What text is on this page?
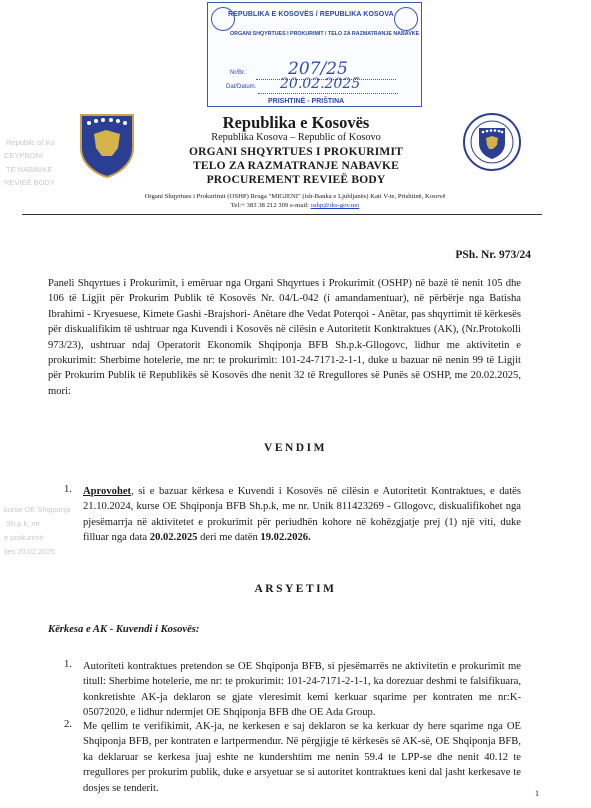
REPUBLIKA E KOSOVËS / REPUBLIKA KOSOVA
ORGANI SHQYRTUES I PROKURIMIT / TELO ZA RAZMATRANJE NABAVKE
Nr/Br.	207/25
Dat/Datum. 20.02.2025
PRISHTINË - PRIŠTINA
Republic of Ko
CEYPRONI
TE NABAVKE
REVIEË BODY
kurse OE Shqiponja
Sh.p.k, ne
e prokurimit
ljes 20.02.2025
Republika e Kosovës
Republika Kosova – Republic of Kosovo
ORGANI SHQYRTUES I PROKURIMIT
TELO ZA RAZMATRANJE NABAVKE
PROCUREMENT REVIEË BODY
Organi Shqyrtues i Prokurimit (OSHP) Rruga "MIGJENI" (ish-Banka e Ljubljanës) Kati V-te, Prishtinë, Kosovë
Tel:+ 383 38 212 309 e-mail: oshp@rks-gov.net
PSh. Nr. 973/24
Paneli Shqyrtues i Prokurimit, i emëruar nga Organi Shqyrtues i Prokurimit (OSHP) në bazë të nenit 105 dhe 106 të Ligjit për Prokurim Publik të Kosovës Nr. 04/L-042 (i amandamentuar), në përbërje nga Batisha Ibrahimi - Kryesuese, Kimete Gashi -Brajshori- Anëtare dhe Vedat Poterqoi - Anëtar, pas shqyrtimit të kërkesës për diskualifikim të ushtruar nga Kuvendi i Kosovës në cilësin e Autoritetit Konktraktues (AK), (Nr.Protokolli 973/23), ushtruar ndaj Operatorit Ekonomik Shqiponja BFB Sh.p.k-Gllogovc, lidhur me aktivitetin e prokurimit: Sherbime hotelerie, me nr: te prokurimit: 101-24-7171-2-1-1, duke u bazuar në nenin 99 të Ligjit për Prokurim Publik të Republikës së Kosovës dhe nenit 32 të Rregullores së Punës së OSHP, me 20.02.2025, mori:
VENDIM
1. Aprovohet, si e bazuar kërkesa e Kuvendi i Kosovës në cilësin e Autoritetit Kontraktues, e datës 21.10.2024, kurse OE Shqiponja BFB Sh.p.k, me nr. Unik 811423269 - Gllogovc, diskualifikohet nga pjesëmarrja në aktivitetet e prokurimit për periudhën kohore në kohëzgjatje prej (1) një viti, duke filluar nga data 20.02.2025 deri me datën 19.02.2026.
ARSYETIM
Kërkesa e AK - Kuvendi i Kosovës:
1. Autoriteti kontraktues pretendon se OE Shqiponja BFB, si pjesëmarrës ne aktivitetin e prokurimit me titull: Sherbime hotelerie, me nr: te prokurimit: 101-24-7171-2-1-1, ka dorezuar deshmi te falsifikuara, konkretishte AK-ja deklaron se gjate vleresimit kemi kerkuar sqarime per kontraten me nr:K-05072020, e lidhur ndermjet OE Shqiponja BFB dhe OE Ada Group.
2. Me qellim te verifikimit, AK-ja, ne kerkesen e saj deklaron se ka kerkuar dy here sqarime nga OE Shqiponja BFB, per kontraten e lartpermendur. Në përgjigje të kërkesës së AK-së, OE Shqiponja BFB, ka deklaruar se kerkesa juaj eshte ne kundershtim me nenin 59.4 te LPP-se dhe nenit 40.12 te rregullores per prokurim publik, duke e arsyetuar se si autoritet kontraktues keni dal jasht kerkesave te dosjes se tenderit.	1
